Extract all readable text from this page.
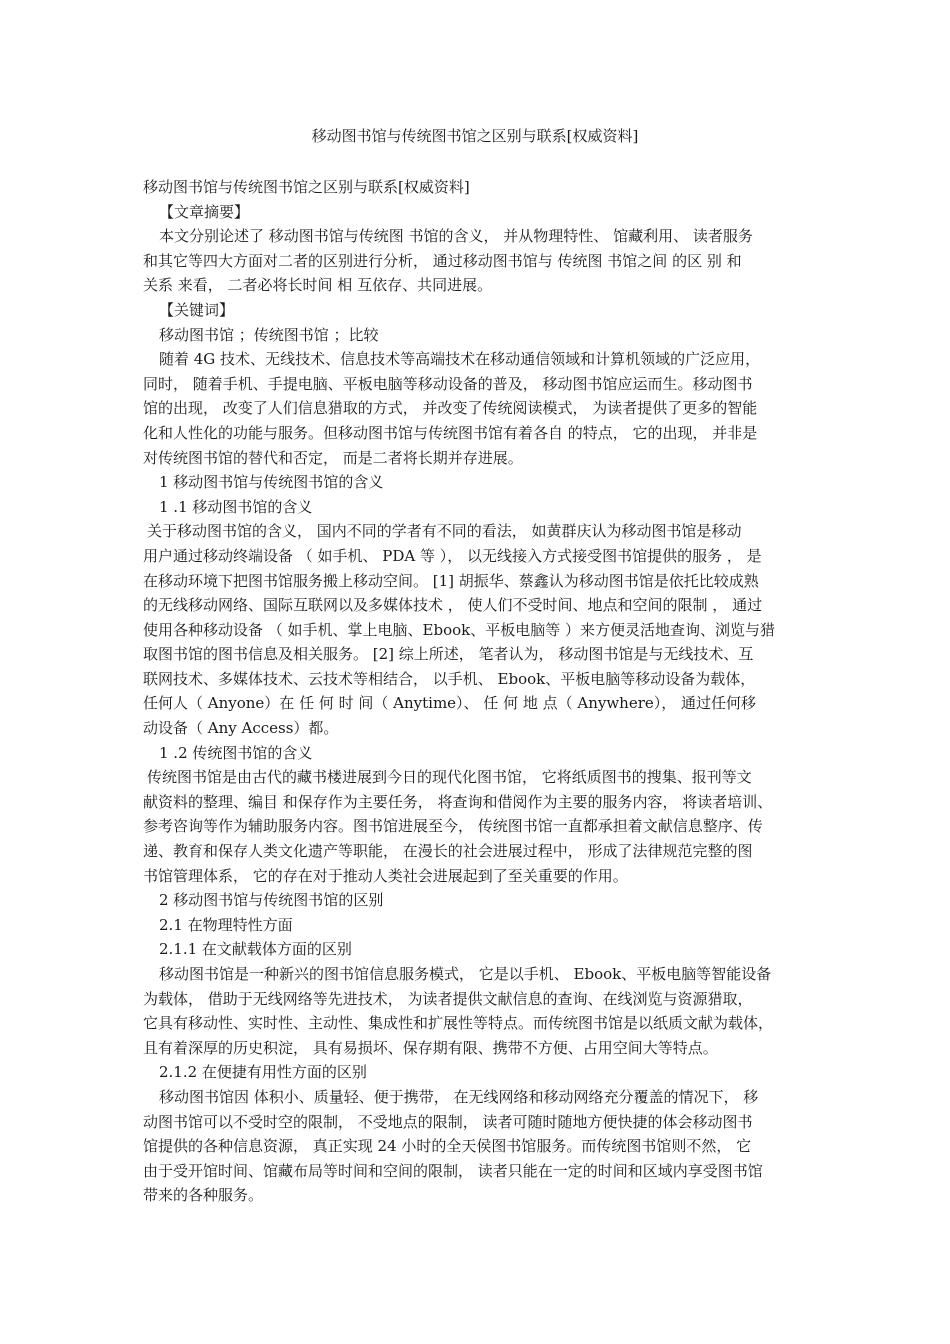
移动图书馆与传统图书馆之区别与联系[权威资料]
移动图书馆与传统图书馆之区别与联系[权威资料]
【文章摘要】
本文分别论述了 移动图书馆与传统图 书馆的含义， 并从物理特性、 馆藏利用、 读者服务
和其它等四大方面对二者的区别进行分析， 通过移动图书馆与 传统图 书馆之间 的区 别 和
关系 来看， 二者必将长时间 相 互依存、共同进展。
【关键词】
移动图书馆 ；传统图书馆 ；比较
随着 4G 技术、无线技术、信息技术等高端技术在移动通信领域和计算机领域的广泛应用，
同时， 随着手机、手提电脑、平板电脑等移动设备的普及， 移动图书馆应运而生。移动图书
馆的出现， 改变了人们信息猎取的方式， 并改变了传统阅读模式， 为读者提供了更多的智能
化和人性化的功能与服务。但移动图书馆与传统图书馆有着各自 的特点， 它的出现， 并非是
对传统图书馆的替代和否定， 而是二者将长期并存进展。
1 移动图书馆与传统图书馆的含义
1 .1 移动图书馆的含义
关于移动图书馆的含义， 国内不同的学者有不同的看法， 如黄群庆认为移动图书馆是移动
用户通过移动终端设备 （ 如手机、 PDA 等 ）， 以无线接入方式接受图书馆提供的服务 ， 是
在移动环境下把图书馆服务搬上移动空间。 [1] 胡振华、蔡鑫认为移动图书馆是依托比较成熟
的无线移动网络、国际互联网以及多媒体技术 ， 使人们不受时间、地点和空间的限制 ， 通过
使用各种移动设备 （ 如手机、掌上电脑、Ebook、平板电脑等 ）来方便灵活地查询、浏览与猎
取图书馆的图书信息及相关服务。 [2] 综上所述， 笔者认为， 移动图书馆是与无线技术、互
联网技术、多媒体技术、云技术等相结合， 以手机、 Ebook、平板电脑等移动设备为载体，
任何人（ Anyone）在 任 何 时 间（ Anytime）、 任 何 地 点（ Anywhere）， 通过任何移
动设备（ Any Access）都。
1 .2 传统图书馆的含义
传统图书馆是由古代的藏书楼进展到今日的现代化图书馆， 它将纸质图书的搜集、报刊等文
献资料的整理、编目 和保存作为主要任务， 将查询和借阅作为主要的服务内容， 将读者培训、
参考咨询等作为辅助服务内容。图书馆进展至今， 传统图书馆一直都承担着文献信息整序、传
递、教育和保存人类文化遗产等职能， 在漫长的社会进展过程中， 形成了法律规范完整的图
书馆管理体系， 它的存在对于推动人类社会进展起到了至关重要的作用。
2 移动图书馆与传统图书馆的区别
2.1 在物理特性方面
2.1.1 在文献载体方面的区别
移动图书馆是一种新兴的图书馆信息服务模式， 它是以手机、 Ebook、平板电脑等智能设备
为载体， 借助于无线网络等先进技术， 为读者提供文献信息的查询、在线浏览与资源猎取，
它具有移动性、实时性、主动性、集成性和扩展性等特点。而传统图书馆是以纸质文献为载体，
且有着深厚的历史积淀， 具有易损坏、保存期有限、携带不方便、占用空间大等特点。
2.1.2 在便捷有用性方面的区别
移动图书馆因 体积小、质量轻、便于携带， 在无线网络和移动网络充分覆盖的情况下， 移
动图书馆可以不受时空的限制， 不受地点的限制， 读者可随时随地方便快捷的体会移动图书
馆提供的各种信息资源， 真正实现 24 小时的全天侯图书馆服务。而传统图书馆则不然， 它
由于受开馆时间、馆藏布局等时间和空间的限制， 读者只能在一定的时间和区域内享受图书馆
带来的各种服务。
